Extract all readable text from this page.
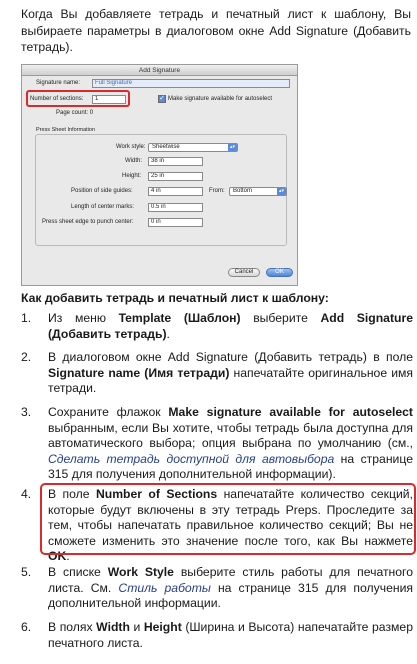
Когда Вы добавляете тетрадь и печатный лист к шаблону, Вы выбираете параметры в диалоговом окне Add Signature (Добавить тетрадь).

Add Signature
Signature name:	Full Signature
Number of sections:	1	✓ Make signature available for autoselect
Page count: 0
Press Sheet Information
Work style:	Sheetwise	▴▾
Width:	38 in
Height:	25 in
Position of side guides:	4 in	From:	Bottom	▴▾
Length of center marks:	0.5 in
Press sheet edge to punch center:	0 in
Cancel	OK
Как добавить тетрадь и печатный лист к шаблону:
1.	Из меню Template (Шаблон) выберите Add Signature (Добавить тетрадь).
2.	В диалоговом окне Add Signature (Добавить тетрадь) в поле Signature name (Имя тетради) напечатайте оригинальное имя тетради.
3.	Сохраните флажок Make signature available for autoselect выбранным, если Вы хотите, чтобы тетрадь была доступна для автоматического выбора; опция выбрана по умолчанию (см., Сделать тетрадь доступной для автовыбора на странице 315 для получения дополнительной информации).
4.	В поле Number of Sections напечатайте количество секций, которые будут включены в эту тетрадь Preps. Проследите за тем, чтобы напечатать правильное количество секций; Вы не сможете изменить это значение после того, как Вы нажмете OK.
5.	В списке Work Style выберите стиль работы для печатного листа. См. Стиль работы на странице 315 для получения дополнительной информации.
6.	В полях Width и Height (Ширина и Высота) напечатайте размер печатного листа.
